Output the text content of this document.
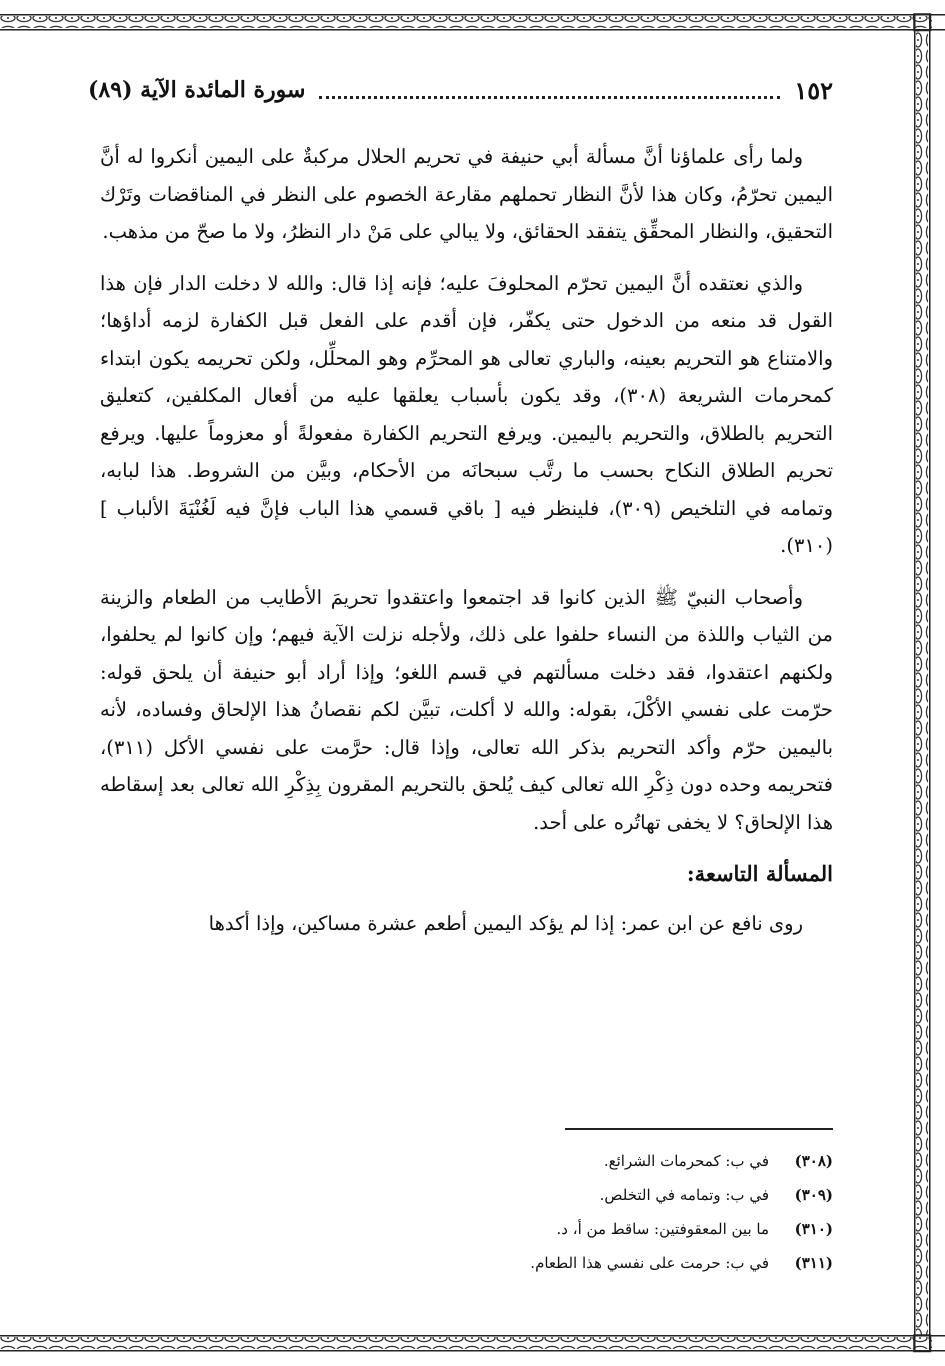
١٥٢
سورة المائدة الآية (٨٩)

ولما رأى علماؤنا أنَّ مسألة أبي حنيفة في تحريم الحلال مركبةٌ على اليمين أنكروا له أنَّ اليمين تحرّمُ، وكان هذا لأنَّ النظار تحملهم مقارعة الخصوم على النظر في المناقضات وتَرْك التحقيق، والنظار المحقِّق يتفقد الحقائق، ولا يبالي على مَنْ دار النظرُ، ولا ما صحّ من مذهب.

والذي نعتقده أنَّ اليمين تحرّم المحلوفَ عليه؛ فإنه إذا قال: والله لا دخلت الدار فإن هذا القول قد منعه من الدخول حتى يكفّر، فإن أقدم على الفعل قبل الكفارة لزمه أداؤها؛ والامتناع هو التحريم بعينه، والباري تعالى هو المحرِّم وهو المحلِّل، ولكن تحريمه يكون ابتداء كمحرمات الشريعة (٣٠٨)، وقد يكون بأسباب يعلقها عليه من أفعال المكلفين، كتعليق التحريم بالطلاق، والتحريم باليمين. ويرفع التحريم الكفارة مفعولةً أو معزوماً عليها. ويرفع تحريم الطلاق النكاح بحسب ما رتَّب سبحانَه من الأحكام، وبيَّن من الشروط. هذا لبابه، وتمامه في التلخيص (٣٠٩)، فلينظر فيه [ باقي قسمي هذا الباب فإنَّ فيه لَغُنْيَةَ الألباب ] (٣١٠).

وأصحاب النبيّ ﷺ الذين كانوا قد اجتمعوا واعتقدوا تحريمَ الأطايب من الطعام والزينة من الثياب واللذة من النساء حلفوا على ذلك، ولأجله نزلت الآية فيهم؛ وإن كانوا لم يحلفوا، ولكنهم اعتقدوا، فقد دخلت مسألتهم في قسم اللغو؛ وإذا أراد أبو حنيفة أن يلحق قوله: حرّمت على نفسي الأكْلَ، بقوله: والله لا أكلت، تبيَّن لكم نقصانُ هذا الإلحاق وفساده، لأنه باليمين حرّم وأكد التحريم بذكر الله تعالى، وإذا قال: حرَّمت على نفسي الأكل (٣١١)، فتحريمه وحده دون ذِكْرِ الله تعالى كيف يُلحق بالتحريم المقرون بِذِكْرِ الله تعالى بعد إسقاطه هذا الإلحاق؟ لا يخفى تهاتُره على أحد.

المسألة التاسعة:

روى نافع عن ابن عمر: إذا لم يؤكد اليمين أطعم عشرة مساكين، وإذا أكدها

(٣٠٨)
في ب: كمحرمات الشرائع.
(٣٠٩)
في ب: وتمامه في التخلص.
(٣١٠)
ما بين المعقوفتين: ساقط من أ، د.
(٣١١)
في ب: حرمت على نفسي هذا الطعام.
